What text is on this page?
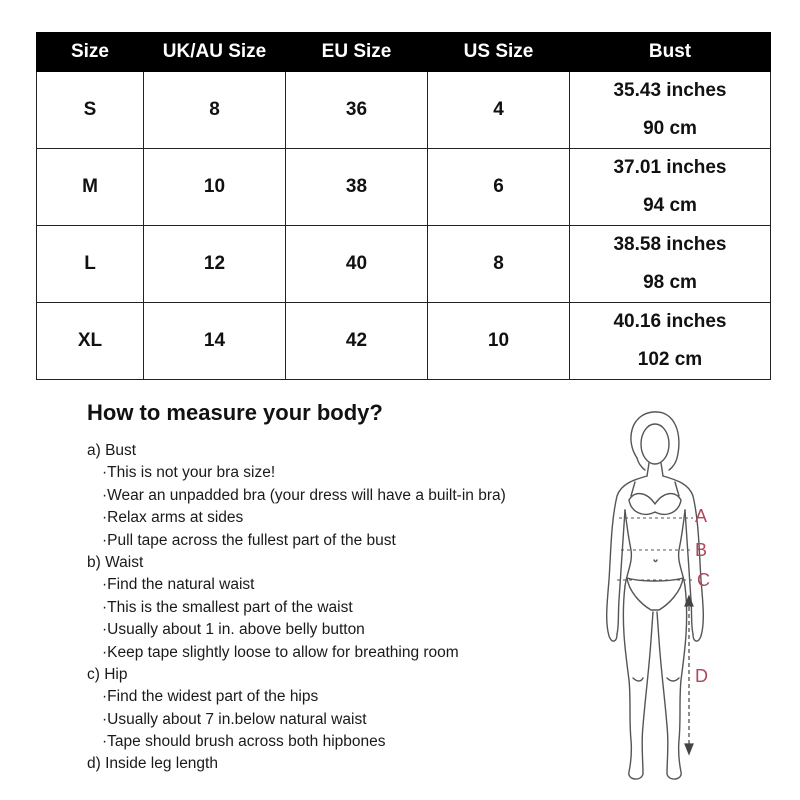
Size	UK/AU Size	EU Size	US Size	Bust
S	8	36	4	35.43 inches
90 cm

M	10	38	6	37.01 inches
94 cm

L	12	40	8	38.58 inches
98 cm

XL	14	42	10	40.16 inches
102 cm
How to measure your body?
a) Bust
·This is not your bra size!
·Wear an unpadded bra (your dress will have a built-in bra)
·Relax arms at sides
·Pull tape across the fullest part of the bust
b) Waist
·Find the natural waist
·This is the smallest part of the waist
·Usually about 1 in. above belly button
·Keep tape slightly loose to allow for breathing room
c) Hip
·Find the widest part of the hips
·Usually about 7 in.below natural waist
·Tape should brush across both hipbones
d) Inside leg length
A
B
C
D
